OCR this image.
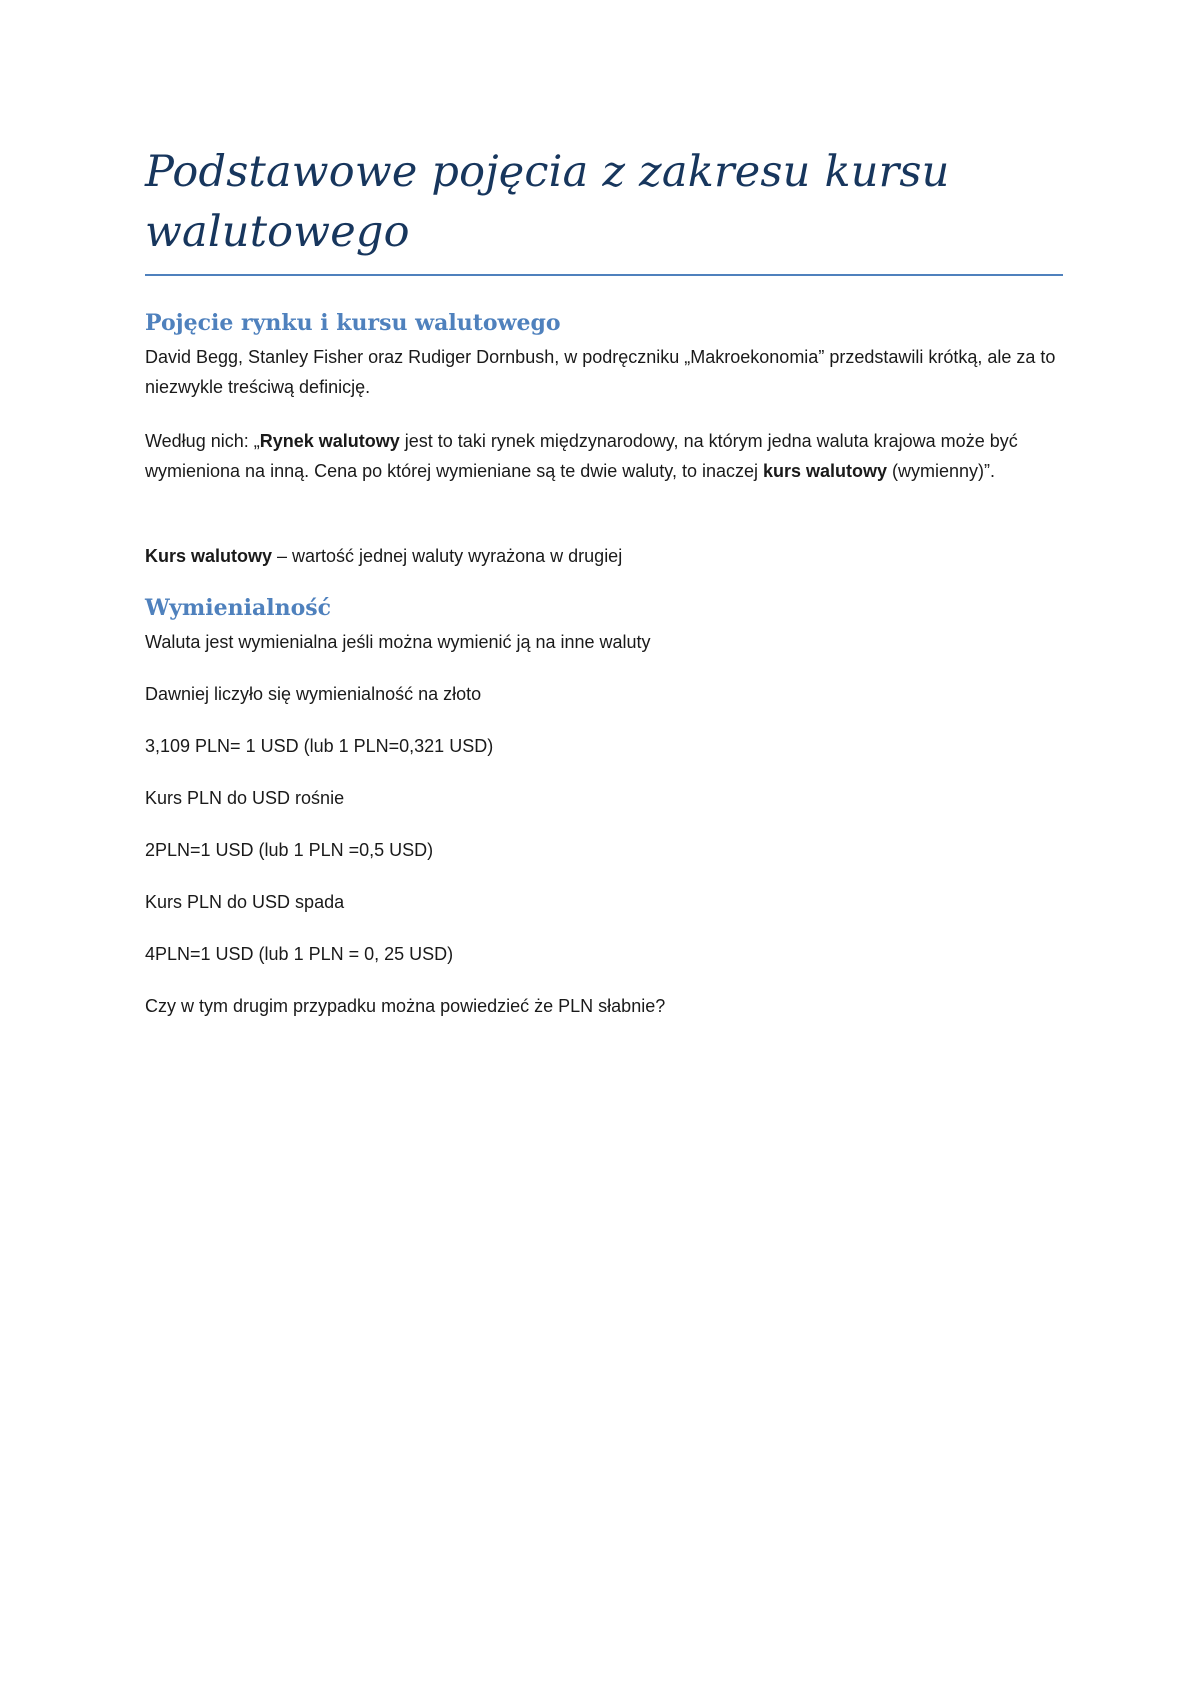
Podstawowe pojęcia z zakresu kursu walutowego
Pojęcie rynku i kursu walutowego

David Begg, Stanley Fisher oraz Rudiger Dornbush, w podręczniku „Makroekonomia” przedstawili krótką, ale za to niezwykle treściwą definicję.

Według nich: „Rynek walutowy jest to taki rynek międzynarodowy, na którym jedna waluta krajowa może być wymieniona na inną. Cena po której wymieniane są te dwie waluty, to inaczej kurs walutowy (wymienny)”.

Kurs walutowy – wartość jednej waluty wyrażona w drugiej

Wymienialność

Waluta jest wymienialna jeśli można wymienić ją na inne waluty

Dawniej liczyło się wymienialność na złoto

3,109 PLN= 1 USD (lub 1 PLN=0,321 USD)

Kurs PLN do USD rośnie

2PLN=1 USD (lub 1 PLN =0,5 USD)

Kurs PLN do USD spada

4PLN=1 USD (lub 1 PLN = 0, 25 USD)

Czy w tym drugim przypadku można powiedzieć że PLN słabnie?
